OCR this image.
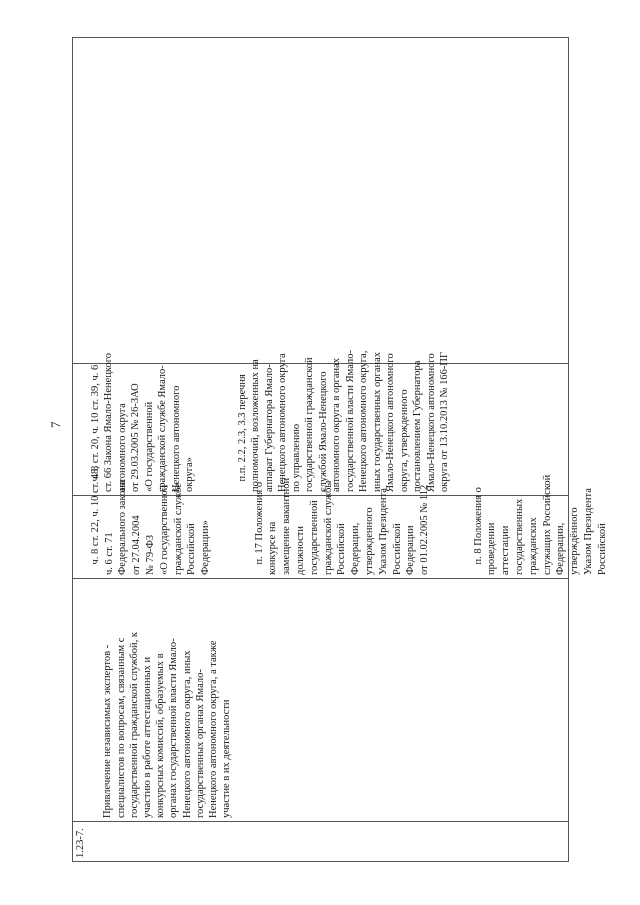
7
1.23-7.

Привлечение независимых экспертов -
специалистов по вопросам, связанным с
государственной гражданской службой, к
участию в работе аттестационных и
конкурсных комиссий, образуемых в
органах государственной власти Ямало-
Ненецкого автономного округа, иных
государственных органах Ямало-
Ненецкого автономного округа, а также
участие в их деятельности

ч. 8 ст. 22, ч. 10 ст. 48,
ч. 6 ст. 71
Федерального закона
от 27.04.2004
№ 79-ФЗ
«О государственной
гражданской службе
Российской
Федерации»
	п. 17 Положения о
конкурсе на
замещение вакантной
должности
государственной
гражданской службы
Российской
Федерации,
утвержденного
Указом Президента
Российской
Федерации
от 01.02.2005 № 112

п. 8 Положения о
проведении
аттестации
государственных
гражданских
служащих Российской
Федерации,
утверждённого
Указом Президента
Российской

ч. 8 ст. 20, ч. 10 ст. 39, ч. 6
ст. 66 Закона Ямало-Ненецкого
автономного округа
от 29.03.2005 № 26-ЗАО
«О государственной
гражданской службе Ямало-
Ненецкого автономного
округа»
	п.п. 2.2, 2.3, 3.3 перечня
полномочий, возложенных на
аппарат Губернатора Ямало-
Ненецкого автономного округа
по управлению
государственной гражданской
службой Ямало-Ненецкого
автономного округа в органах
государственной власти Ямало-
Ненецкого автономного округа,
иных государственных органах
Ямало-Ненецкого автономного
округа, утвержденного
постановлением Губернатора
Ямало-Ненецкого автономного
округа от 13.10.2013 № 166-ПГ
